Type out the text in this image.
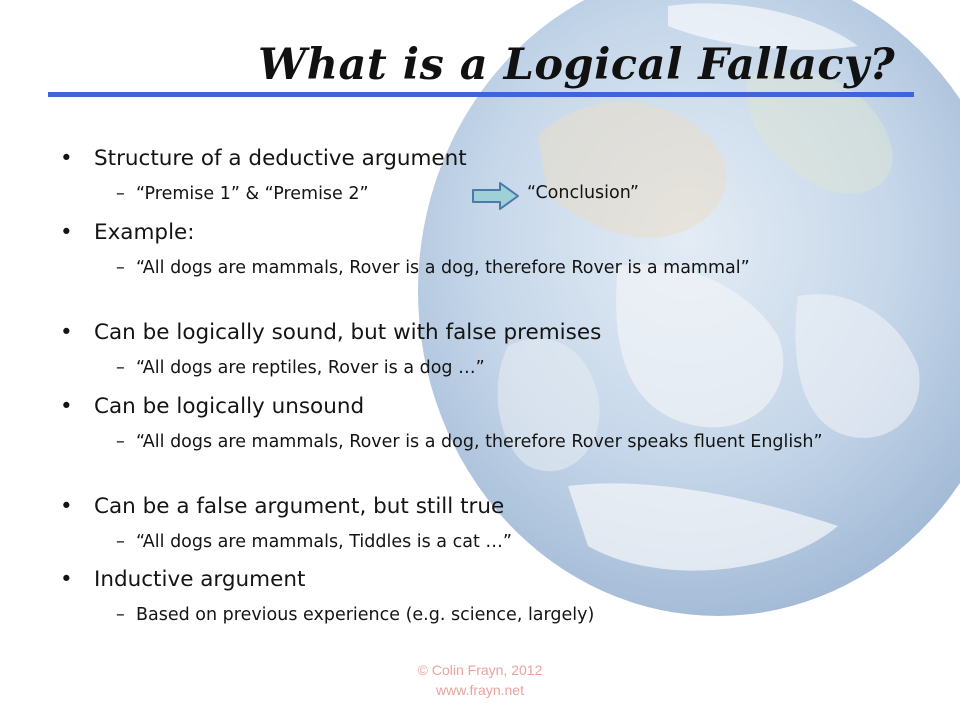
What is a Logical Fallacy?
• Structure of a deductive argument
– “Premise 1” & “Premise 2”	“Conclusion”
• Example:
– “All dogs are mammals, Rover is a dog, therefore Rover is a mammal”
• Can be logically sound, but with false premises
– “All dogs are reptiles, Rover is a dog …”
• Can be logically unsound
– “All dogs are mammals, Rover is a dog, therefore Rover speaks fluent English”
• Can be a false argument, but still true
– “All dogs are mammals, Tiddles is a cat …”
• Inductive argument
– Based on previous experience (e.g. science, largely)
© Colin Frayn, 2012
www.frayn.net
